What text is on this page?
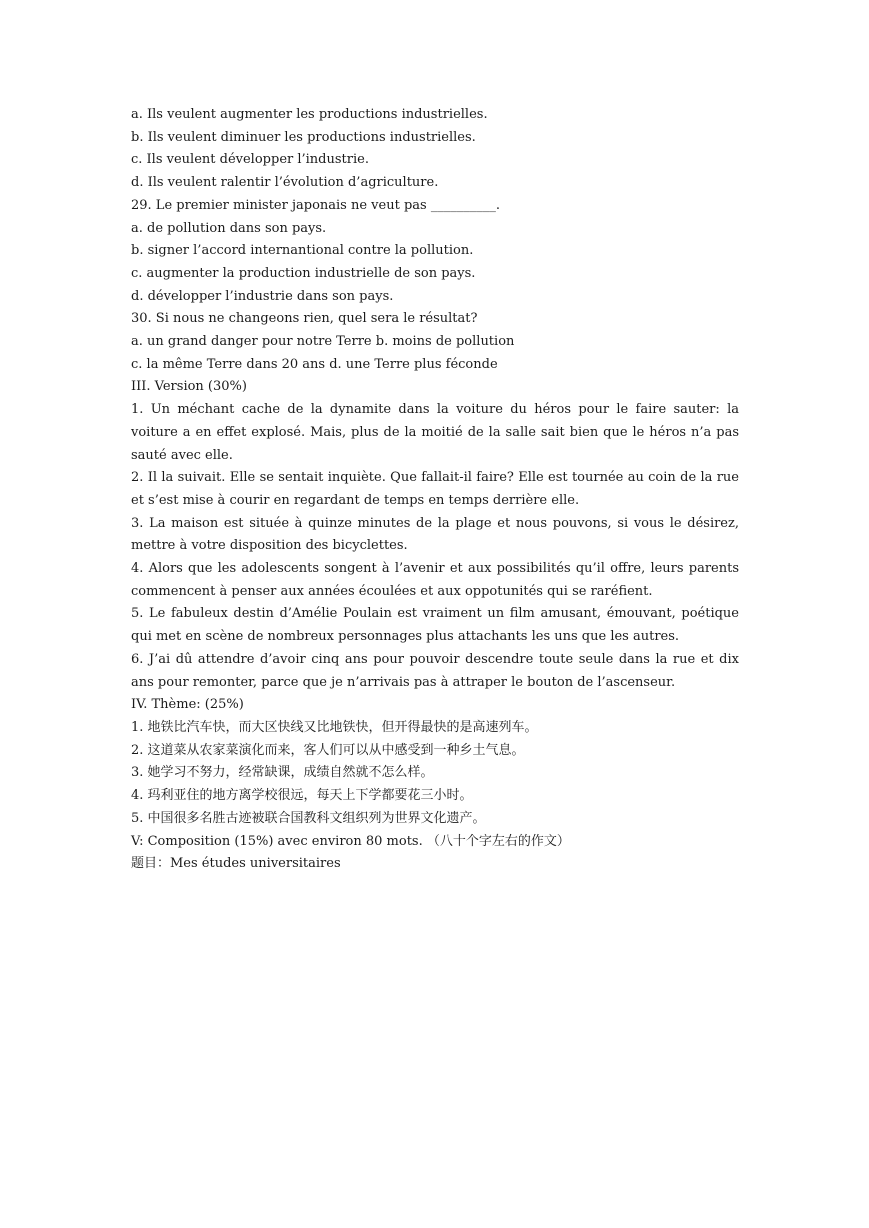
a. Ils veulent augmenter les productions industrielles.

b. Ils veulent diminuer les productions industrielles.

c. Ils veulent développer l’industrie.

d. Ils veulent ralentir l’évolution d’agriculture.

29. Le premier minister japonais ne veut pas __________.

a. de pollution dans son pays.

b. signer l’accord internantional contre la pollution.

c. augmenter la production industrielle de son pays.

d. développer l’industrie dans son pays.

30. Si nous ne changeons rien, quel sera le résultat?

a. un grand danger pour notre Terre b. moins de pollution

c. la même Terre dans 20 ans d. une Terre plus féconde

III. Version (30%)

1. Un méchant cache de la dynamite dans la voiture du héros pour le faire sauter: la voiture a en effet explosé. Mais, plus de la moitié de la salle sait bien que le héros n’a pas sauté avec elle.

2. Il la suivait. Elle se sentait inquiète. Que fallait-il faire? Elle est tournée au coin de la rue et s’est mise à courir en regardant de temps en temps derrière elle.

3. La maison est située à quinze minutes de la plage et nous pouvons, si vous le désirez, mettre à votre disposition des bicyclettes.

4. Alors que les adolescents songent à l’avenir et aux possibilités qu’il offre, leurs parents commencent à penser aux années écoulées et aux oppotunités qui se raréfient.

5. Le fabuleux destin d’Amélie Poulain est vraiment un film amusant, émouvant, poétique qui met en scène de nombreux personnages plus attachants les uns que les autres.

6. J’ai dû attendre d’avoir cinq ans pour pouvoir descendre toute seule dans la rue et dix ans pour remonter, parce que je n’arrivais pas à attraper le bouton de l’ascenseur.

IV. Thème: (25%)

1. 地铁比汽车快，而大区快线又比地铁快，但开得最快的是高速列车。

2. 这道菜从农家菜演化而来，客人们可以从中感受到一种乡土气息。

3. 她学习不努力，经常缺课，成绩自然就不怎么样。

4. 玛利亚住的地方离学校很远，每天上下学都要花三小时。

5. 中国很多名胜古迹被联合国教科文组织列为世界文化遗产。

V: Composition (15%) avec environ 80 mots. （八十个字左右的作文）

题目：Mes études universitaires
